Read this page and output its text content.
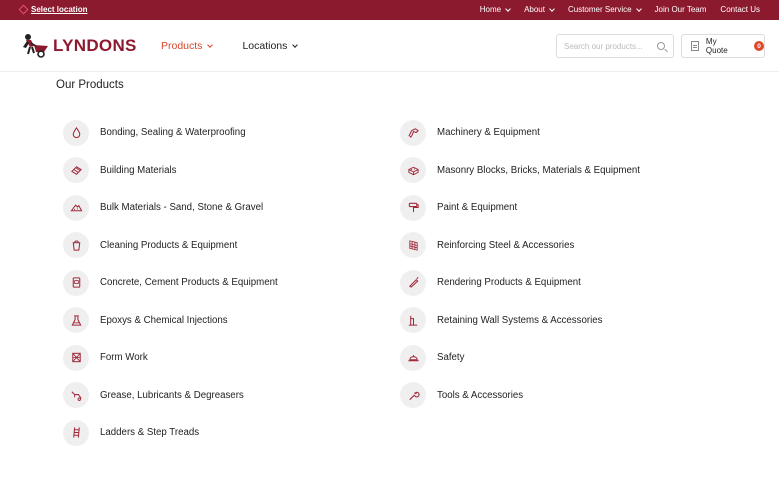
Select location	Home	About	Customer Service	Join Our Team Contact Us
LYNDONS Products	Locations
Search our products...	My Quote	0
Our Products
Bonding, Sealing & Waterproofing
Building Materials
Bulk Materials - Sand, Stone & Gravel
Cleaning Products & Equipment
Concrete, Cement Products & Equipment
Epoxys & Chemical Injections
Form Work
Grease, Lubricants & Degreasers
Ladders & Step Treads
Machinery & Equipment
Masonry Blocks, Bricks, Materials & Equipment
Paint & Equipment
Reinforcing Steel & Accessories
Rendering Products & Equipment
Retaining Wall Systems & Accessories
Safety
Tools & Accessories
